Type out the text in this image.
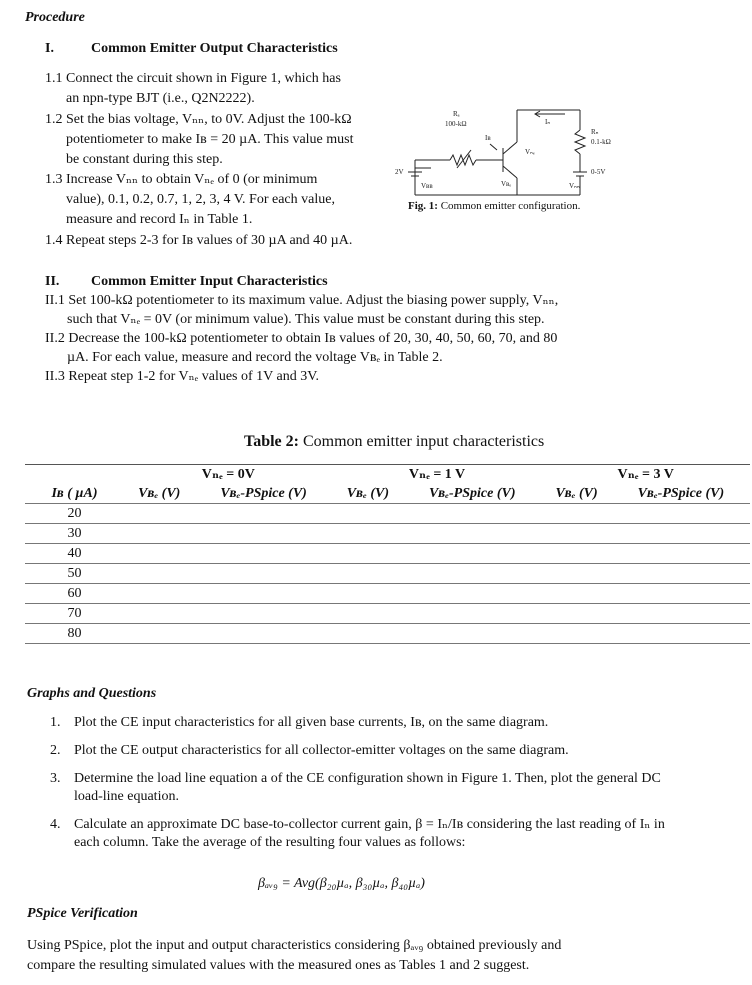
Procedure
I.	Common Emitter Output Characteristics
1.1 Connect the circuit shown in Figure 1, which has
an npn-type BJT (i.e., Q2N2222).
1.2 Set the bias voltage, Vₙₙ, to 0V. Adjust the 100-kΩ
potentiometer to make Iʙ = 20 µA. This value must
be constant during this step.
1.3 Increase Vₙₙ to obtain Vₙₑ of 0 (or minimum
value), 0.1, 0.2, 0.7, 1, 2, 3, 4 V. For each value,
measure and record Iₙ in Table 1.
1.4 Repeat steps 2-3 for Iʙ values of 30 µA and 40 µA.
Rₐ
100-kΩ
Iʙ
Iₙ
Rₙ
0.1-kΩ
Vₙₑ
Vʙₑ
0-5V
2V
Vʙʙ	Vₙₙ
Fig. 1: Common emitter configuration.
II. Common Emitter Input Characteristics
II.1 Set 100-kΩ potentiometer to its maximum value. Adjust the biasing power supply, Vₙₙ,
such that Vₙₑ = 0V (or minimum value). This value must be constant during this step.
II.2 Decrease the 100-kΩ potentiometer to obtain Iʙ values of 20, 30, 40, 50, 60, 70, and 80
µA. For each value, measure and record the voltage Vʙₑ in Table 2.
II.3 Repeat step 1-2 for Vₙₑ values of 1V and 3V.
Table 2: Common emitter input characteristics
	Vₙₑ = 0V		Vₙₑ = 1 V		Vₙₑ = 3 V	
Iʙ ( µA)	Vʙₑ (V)	Vʙₑ-PSpice (V)	Vʙₑ (V)	Vʙₑ-PSpice (V)	Vʙₑ (V)	Vʙₑ-PSpice (V)
20						
30						
40						
50						
60						
70						
80						
Graphs and Questions
1. Plot the CE input characteristics for all given base currents, Iʙ, on the same diagram.
2. Plot the CE output characteristics for all collector-emitter voltages on the same diagram.
3. Determine the load line equation a of the CE configuration shown in Figure 1. Then, plot the general DC load-line equation.
4. Calculate an approximate DC base-to-collector current gain, β = Iₙ/Iʙ considering the last reading of Iₙ in each column. Take the average of the resulting four values as follows:
βₐᵥ₉ = Avg(β₂₀µₐ, β₃₀µₐ, β₄₀µₐ)
PSpice Verification
Using PSpice, plot the input and output characteristics considering βₐᵥ₉ obtained previously and
compare the resulting simulated values with the measured ones as Tables 1 and 2 suggest.
